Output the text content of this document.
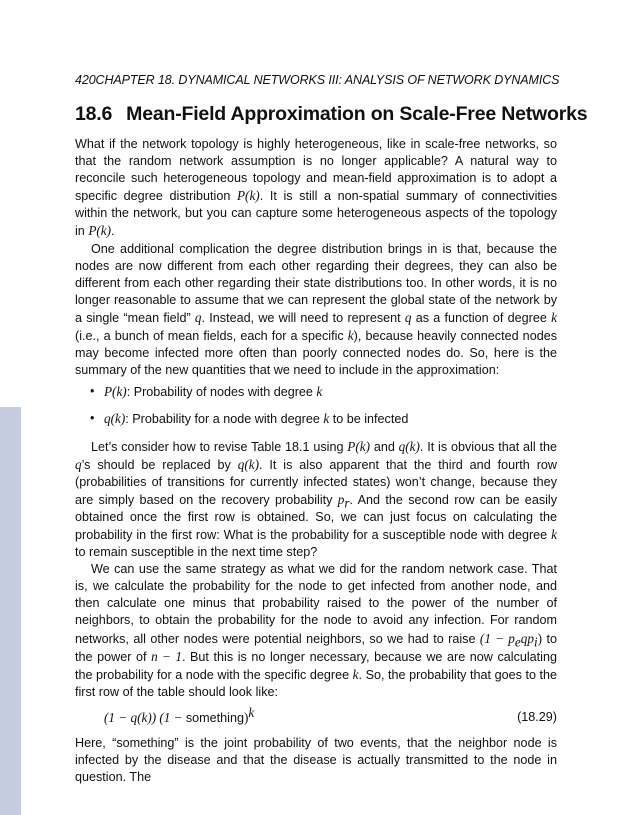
420CHAPTER 18. DYNAMICAL NETWORKS III: ANALYSIS OF NETWORK DYNAMICS
18.6 Mean-Field Approximation on Scale-Free Networks

What if the network topology is highly heterogeneous, like in scale-free networks, so that the random network assumption is no longer applicable? A natural way to reconcile such heterogeneous topology and mean-field approximation is to adopt a specific degree distribution P(k). It is still a non-spatial summary of connectivities within the network, but you can capture some heterogeneous aspects of the topology in P(k).

One additional complication the degree distribution brings in is that, because the nodes are now different from each other regarding their degrees, they can also be different from each other regarding their state distributions too. In other words, it is no longer reasonable to assume that we can represent the global state of the network by a single “mean field” q. Instead, we will need to represent q as a function of degree k (i.e., a bunch of mean fields, each for a specific k), because heavily connected nodes may become infected more often than poorly connected nodes do. So, here is the summary of the new quantities that we need to include in the approximation:

• P(k): Probability of nodes with degree k
• q(k): Probability for a node with degree k to be infected

Let’s consider how to revise Table 18.1 using P(k) and q(k). It is obvious that all the q’s should be replaced by q(k). It is also apparent that the third and fourth row (probabilities of transitions for currently infected states) won’t change, because they are simply based on the recovery probability $p_r$. And the second row can be easily obtained once the first row is obtained. So, we can just focus on calculating the probability in the first row: What is the probability for a susceptible node with degree k to remain susceptible in the next time step?

We can use the same strategy as what we did for the random network case. That is, we calculate the probability for the node to get infected from another node, and then calculate one minus that probability raised to the power of the number of neighbors, to obtain the probability for the node to avoid any infection. For random networks, all other nodes were potential neighbors, so we had to raise $(1 - p_eqp_i)$ to the power of n − 1. But this is no longer necessary, because we are now calculating the probability for a node with the specific degree k. So, the probability that goes to the first row of the table should look like:

(1 − q(k)) (1 − something)$^k$	(18.29)

Here, “something” is the joint probability of two events, that the neighbor node is infected by the disease and that the disease is actually transmitted to the node in question. The
